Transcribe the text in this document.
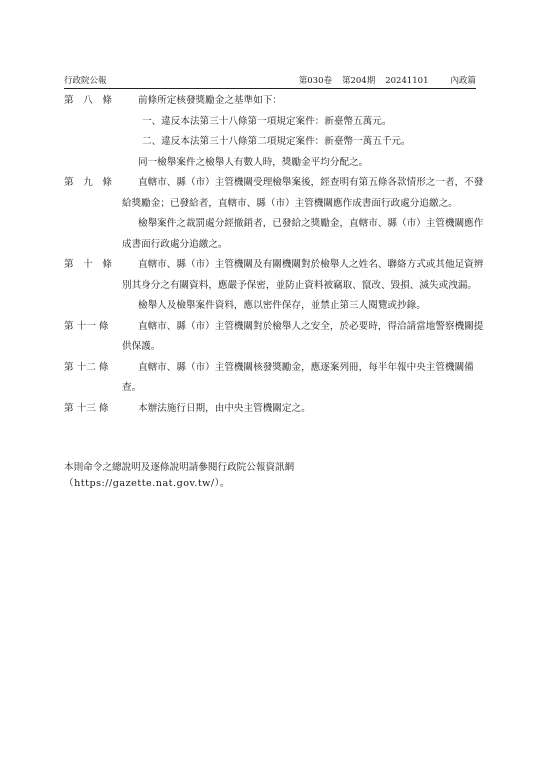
行政院公報	第030卷 第204期 20241101	內政篇
第　八　條	前條所定核發獎勵金之基準如下：

一、違反本法第三十八條第一項規定案件：新臺幣五萬元。

二、違反本法第三十八條第二項規定案件：新臺幣一萬五千元。

同一檢舉案件之檢舉人有數人時，獎勵金平均分配之。

第　九　條	直轄市、縣（市）主管機關受理檢舉案後，經查明有第五條各款情形之一者，不發給獎勵金；已發給者，直轄市、縣（市）主管機關應作成書面行政處分追繳之。

檢舉案件之裁罰處分經撤銷者，已發給之獎勵金，直轄市、縣（市）主管機關應作成書面行政處分追繳之。

第　十　條	直轄市、縣（市）主管機關及有關機關對於檢舉人之姓名、聯絡方式或其他足資辨別其身分之有關資料，應嚴予保密，並防止資料被竊取、竄改、毀損、滅失或洩漏。

檢舉人及檢舉案件資料，應以密件保存，並禁止第三人閱覽或抄錄。

第 十一 條	直轄市、縣（市）主管機關對於檢舉人之安全，於必要時，得洽請當地警察機關提供保護。

第 十二 條	直轄市、縣（市）主管機關核發獎勵金，應逐案列冊，每半年報中央主管機關備查。

第 十三 條	本辦法施行日期，由中央主管機關定之。

本則命令之總說明及逐條說明請參閱行政院公報資訊網
（https://gazette.nat.gov.tw/）。
